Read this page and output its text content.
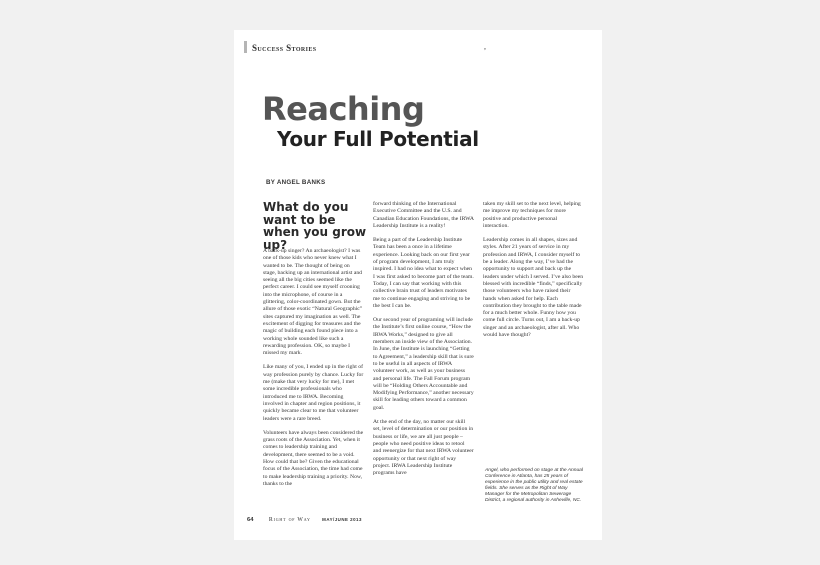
Success Stories	,
Reaching
Your Full Potential
BY ANGEL BANKS
What do you want to be when you grow up?

A back-up singer? An archaeologist? I was one of those kids who never knew what I wanted to be. The thought of being on stage, backing up an international artist and seeing all the big cities seemed like the perfect career. I could see myself crooning into the microphone, of course in a glittering, color-coordinated gown. But the allure of those exotic “Natural Geographic” sites captured my imagination as well. The excitement of digging for treasures and the magic of building each found piece into a working whole sounded like such a rewarding profession. OK, so maybe I missed my mark.

Like many of you, I ended up in the right of way profession purely by chance. Lucky for me (make that very lucky for me), I met some incredible professionals who introduced me to IRWA. Becoming involved in chapter and region positions, it quickly became clear to me that volunteer leaders were a rare breed.

Volunteers have always been considered the grass roots of the Association. Yet, when it comes to leadership training and development, there seemed to be a void. How could that be? Given the educational focus of the Association, the time had come to make leadership training a priority. Now, thanks to the

forward thinking of the International Executive Committee and the U.S. and Canadian Education Foundations, the IRWA Leadership Institute is a reality!

Being a part of the Leadership Institute Team has been a once in a lifetime experience. Looking back on our first year of program development, I am truly inspired. I had no idea what to expect when I was first asked to become part of the team. Today, I can say that working with this collective brain trust of leaders motivates me to continue engaging and striving to be the best I can be.

Our second year of programing will include the Institute’s first online course, “How the IRWA Works,” designed to give all members an inside view of the Association. In June, the Institute is launching “Getting to Agreement,” a leadership skill that is sure to be useful in all aspects of IRWA volunteer work, as well as your business and personal life. The Fall Forum program will be “Holding Others Accountable and Modifying Performance,” another necessary skill for leading others toward a common goal.

At the end of the day, no matter our skill set, level of determination or our position in business or life, we are all just people – people who need positive ideas to retool and reenergize for that next IRWA volunteer opportunity or that next right of way project. IRWA Leadership Institute programs have

taken my skill set to the next level, helping me improve my techniques for more positive and productive personal interaction.

Leadership comes in all shapes, sizes and styles. After 21 years of service in my profession and IRWA, I consider myself to be a leader. Along the way, I’ve had the opportunity to support and back up the leaders under which I served. I’ve also been blessed with incredible “finds,” specifically those volunteers who have raised their hands when asked for help. Each contribution they brought to the table made for a much better whole. Funny how you come full circle. Turns out, I am a back-up singer and an archaeologist, after all. Who would have thought?

Angel, who performed on stage at the Annual Conference in Atlanta, has 25 years of experience in the public utility and real estate fields. She serves as the Right of Way Manager for the Metropolitan Sewerage District, a regional authority in Asheville, NC.
64	Right of Way	MAY/JUNE 2013
